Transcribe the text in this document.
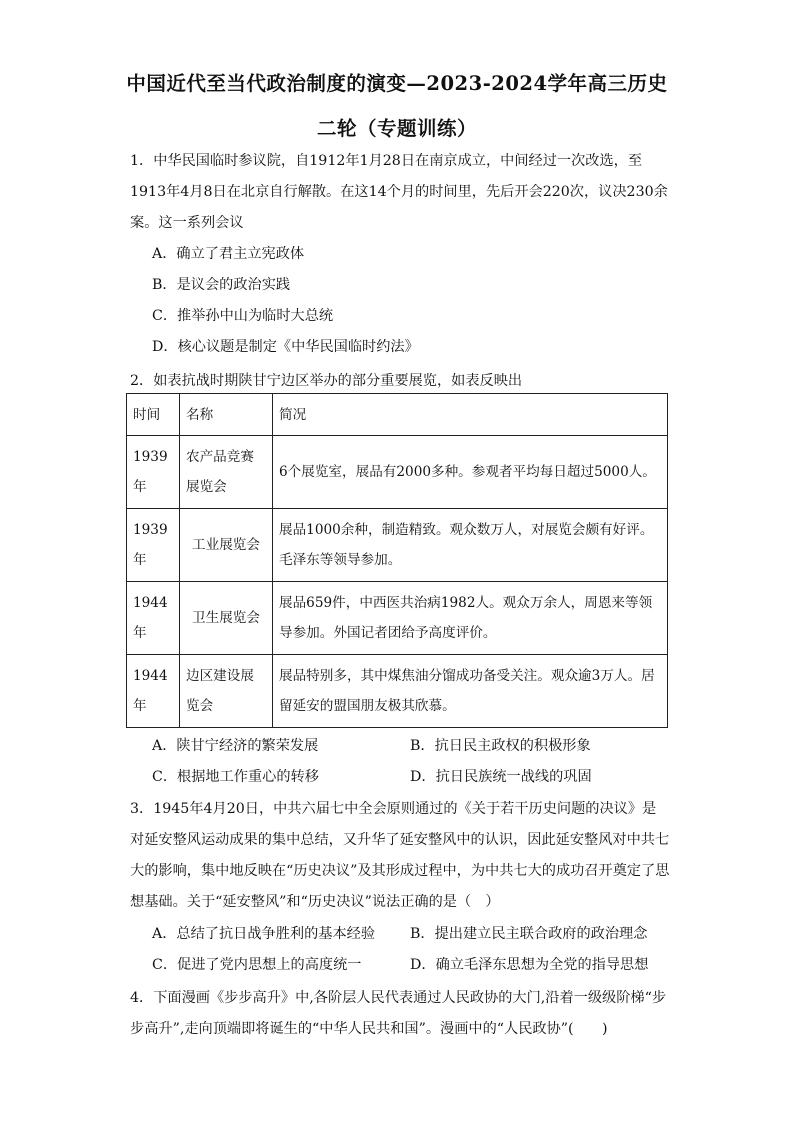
中国近代至当代政治制度的演变—2023-2024学年高三历史
二轮（专题训练）
1．中华民国临时参议院，自1912年1月28日在南京成立，中间经过一次改选，至1913年4月8日在北京自行解散。在这14个月的时间里，先后开会220次，议决230余案。这一系列会议
A．确立了君主立宪政体
B．是议会的政治实践
C．推举孙中山为临时大总统
D．核心议题是制定《中华民国临时约法》
2．如表抗战时期陕甘宁边区举办的部分重要展览，如表反映出
时间	名称	简况
1939年	农产品竞赛展览会	6个展览室，展品有2000多种。参观者平均每日超过5000人。
1939年	工业展览会	展品1000余种，制造精致。观众数万人，对展览会颇有好评。毛泽东等领导参加。
1944年	卫生展览会	展品659件，中西医共治病1982人。观众万余人，周恩来等领导参加。外国记者团给予高度评价。
1944年	边区建设展览会	展品特别多，其中煤焦油分馏成功备受关注。观众逾3万人。居留延安的盟国朋友极其欣慕。
A．陕甘宁经济的繁荣发展	B．抗日民主政权的积极形象
C．根据地工作重心的转移	D．抗日民族统一战线的巩固
3．1945年4月20日，中共六届七中全会原则通过的《关于若干历史问题的决议》是对延安整风运动成果的集中总结，又升华了延安整风中的认识，因此延安整风对中共七大的影响，集中地反映在“历史决议”及其形成过程中，为中共七大的成功召开奠定了思想基础。关于“延安整风”和“历史决议”说法正确的是（　）
A．总结了抗日战争胜利的基本经验 B．提出建立民主联合政府的政治理念
C．促进了党内思想上的高度统一	D．确立毛泽东思想为全党的指导思想
4．下面漫画《步步高升》中,各阶层人民代表通过人民政协的大门,沿着一级级阶梯“步步高升”,走向顶端即将诞生的“中华人民共和国”。漫画中的“人民政协”(　　)
